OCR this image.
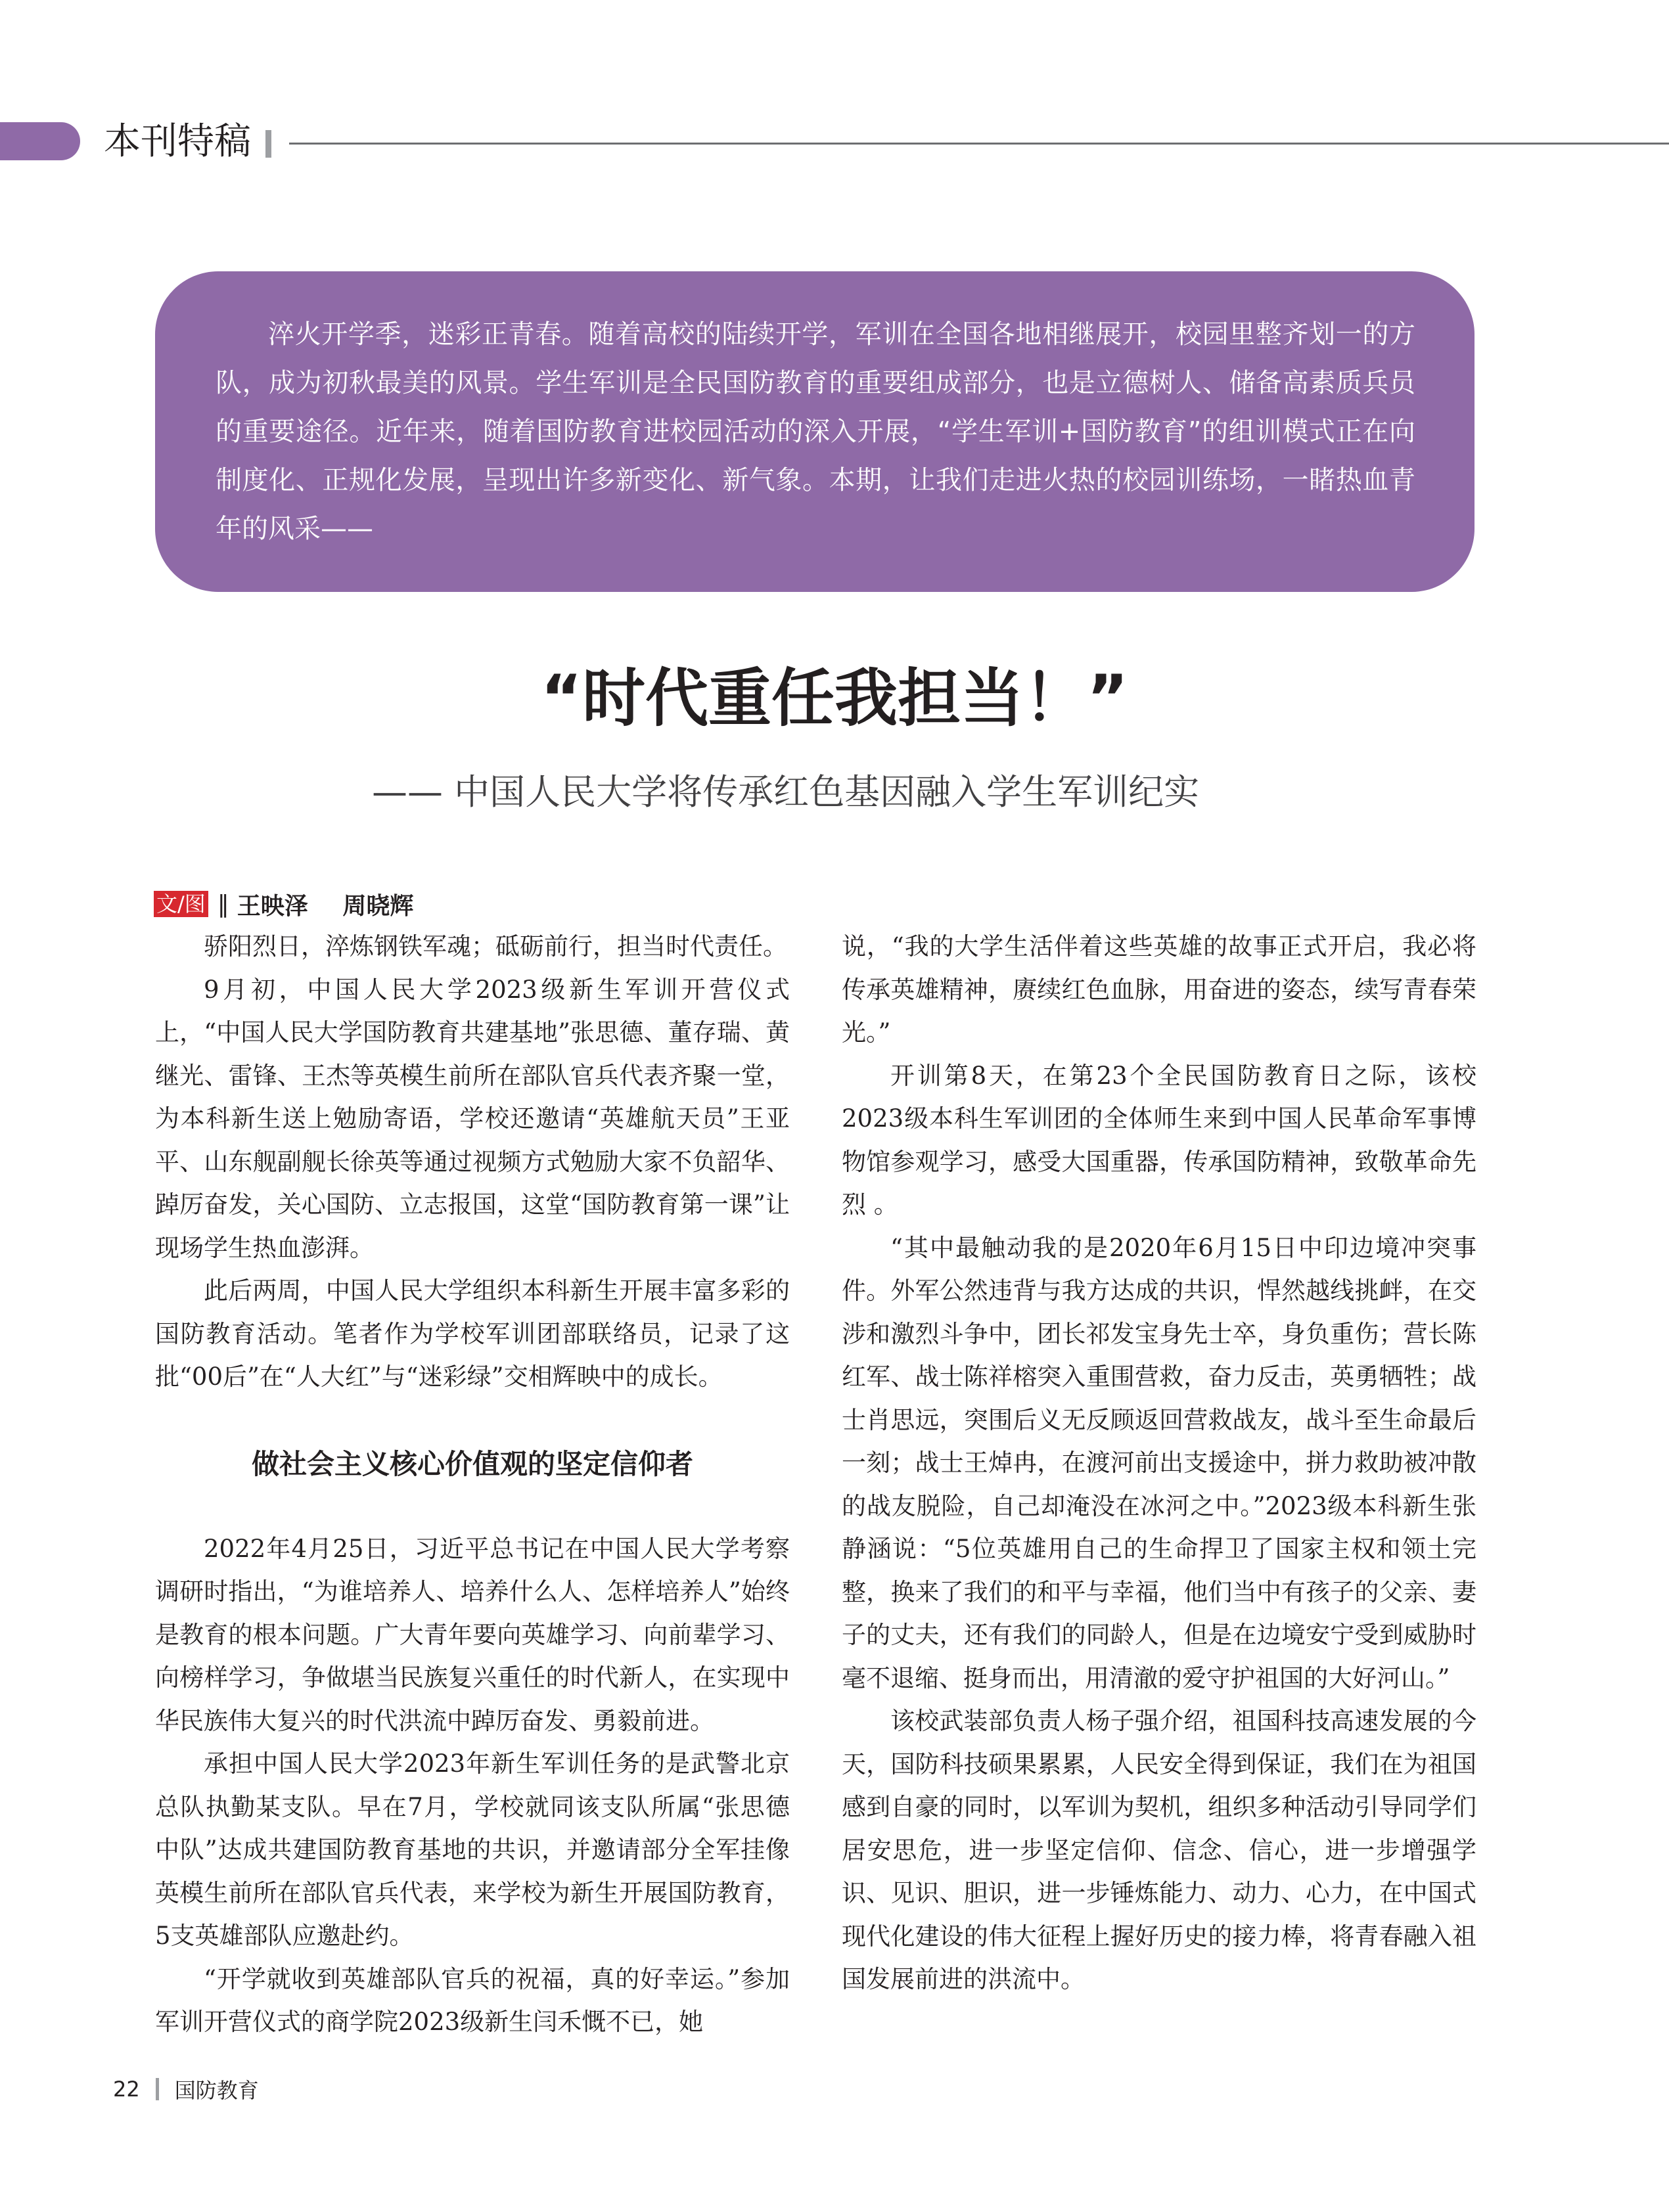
本刊特稿

淬火开学季，迷彩正青春。随着高校的陆续开学，军训在全国各地相继展开，校园里整齐划一的方队，成为初秋最美的风景。学生军训是全民国防教育的重要组成部分，也是立德树人、储备高素质兵员的重要途径。近年来，随着国防教育进校园活动的深入开展，“学生军训+国防教育”的组训模式正在向制度化、正规化发展，呈现出许多新变化、新气象。本期，让我们走进火热的校园训练场，一睹热血青年的风采——

“时代重任我担当！”
—— 中国人民大学将传承红色基因融入学生军训纪实
文/图 ‖ 王映泽 周晓辉

骄阳烈日，淬炼钢铁军魂；砥砺前行，担当时代责任。

9月初，中国人民大学2023级新生军训开营仪式上，“中国人民大学国防教育共建基地”张思德、董存瑞、黄继光、雷锋、王杰等英模生前所在部队官兵代表齐聚一堂，为本科新生送上勉励寄语，学校还邀请“英雄航天员”王亚平、山东舰副舰长徐英等通过视频方式勉励大家不负韶华、踔厉奋发，关心国防、立志报国，这堂“国防教育第一课”让现场学生热血澎湃。

此后两周，中国人民大学组织本科新生开展丰富多彩的国防教育活动。笔者作为学校军训团部联络员，记录了这批“00后”在“人大红”与“迷彩绿”交相辉映中的成长。

做社会主义核心价值观的坚定信仰者

2022年4月25日，习近平总书记在中国人民大学考察调研时指出，“为谁培养人、培养什么人、怎样培养人”始终是教育的根本问题。广大青年要向英雄学习、向前辈学习、向榜样学习，争做堪当民族复兴重任的时代新人，在实现中华民族伟大复兴的时代洪流中踔厉奋发、勇毅前进。

承担中国人民大学2023年新生军训任务的是武警北京总队执勤某支队。早在7月，学校就同该支队所属“张思德中队”达成共建国防教育基地的共识，并邀请部分全军挂像英模生前所在部队官兵代表，来学校为新生开展国防教育，5支英雄部队应邀赴约。

“开学就收到英雄部队官兵的祝福，真的好幸运。”参加军训开营仪式的商学院2023级新生闫禾慨不已，她

说，“我的大学生活伴着这些英雄的故事正式开启，我必将传承英雄精神，赓续红色血脉，用奋进的姿态，续写青春荣光。”

开训第8天，在第23个全民国防教育日之际，该校2023级本科生军训团的全体师生来到中国人民革命军事博物馆参观学习，感受大国重器，传承国防精神，致敬革命先烈 。

“其中最触动我的是2020年6月15日中印边境冲突事件。外军公然违背与我方达成的共识，悍然越线挑衅，在交涉和激烈斗争中，团长祁发宝身先士卒，身负重伤；营长陈红军、战士陈祥榕突入重围营救，奋力反击，英勇牺牲；战士肖思远，突围后义无反顾返回营救战友，战斗至生命最后一刻；战士王焯冉，在渡河前出支援途中，拼力救助被冲散的战友脱险，自己却淹没在冰河之中。”2023级本科新生张静涵说：“5位英雄用自己的生命捍卫了国家主权和领土完整，换来了我们的和平与幸福，他们当中有孩子的父亲、妻子的丈夫，还有我们的同龄人，但是在边境安宁受到威胁时毫不退缩、挺身而出，用清澈的爱守护祖国的大好河山。”

该校武装部负责人杨子强介绍，祖国科技高速发展的今天，国防科技硕果累累，人民安全得到保证，我们在为祖国感到自豪的同时，以军训为契机，组织多种活动引导同学们居安思危，进一步坚定信仰、信念、信心，进一步增强学识、见识、胆识，进一步锤炼能力、动力、心力，在中国式现代化建设的伟大征程上握好历史的接力棒，将青春融入祖国发展前进的洪流中。

22 国防教育
